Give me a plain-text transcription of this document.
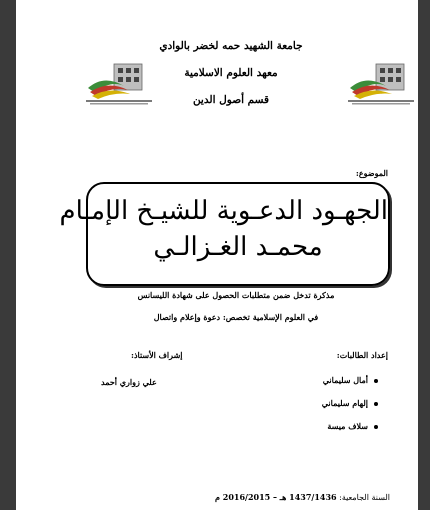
جامعة الشهيد حمه لخضر بالوادي
معهد العلوم الاسلامية
قسم أصول الدين
الموضوع:
الجهـود الدعـوية للشيـخ الإمـام
محمـد الغـزالـي
مذكرة تدخل ضمن متطلبات الحصول على شهادة الليسانس
في العلوم الإسلامية تخصص: دعوة وإعلام واتصال
إعداد الطالبات:
إشراف الأستاذ:
أمال سليماني
إلهام سليماني
سلاف ميسة
علي زواري أحمد
السنة الجامعية: 1437/1436 هـ – 2016/2015 م
